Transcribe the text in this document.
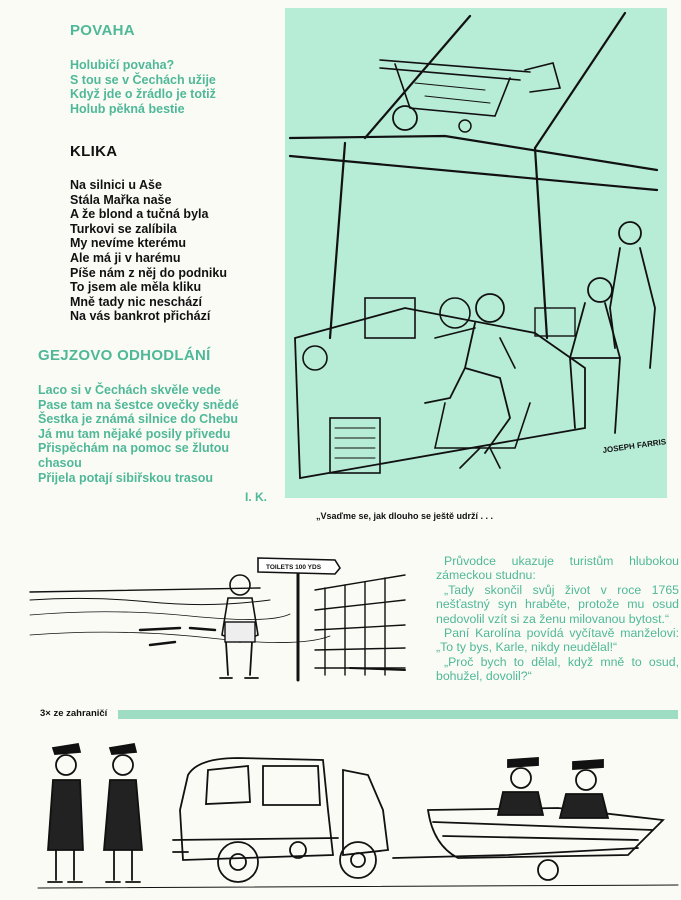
POVAHA
Holubičí povaha?
S tou se v Čechách užije
Když jde o žrádlo je totiž
Holub pěkná bestie
KLIKA
Na silnici u Aše
Stála Mařka naše
A že blond a tučná byla
Turkovi se zalíbila
My nevíme kterému
Ale má ji v harému
Píše nám z něj do podniku
To jsem ale měla kliku
Mně tady nic neschází
Na vás bankrot přichází
GEJZOVO ODHODLÁNÍ
Laco si v Čechách skvěle vede
Pase tam na šestce ovečky snědé
Šestka je známá silnice do Chebu
Já mu tam nějaké posily přivedu
Přispěchám na pomoc se žlutou
chasou
Přijela potají sibiřskou trasou
I. K.
JOSEPH FARRIS
„Vsaďme se, jak dlouho se ještě udrží . . .
TOILETS 100 YDS	Průvodce ukazuje turistům hlubokou zámeckou studnu:

„Tady skončil svůj život v roce 1765 nešťastný syn hraběte, protože mu osud nedovolil vzít si za ženu milovanou bytost.“

Paní Karolína povídá vyčítavě manželovi: „To ty bys, Karle, nikdy neudělal!“

„Proč bych to dělal, když mně to osud, bohužel, dovolil?“

3× ze zahraničí
